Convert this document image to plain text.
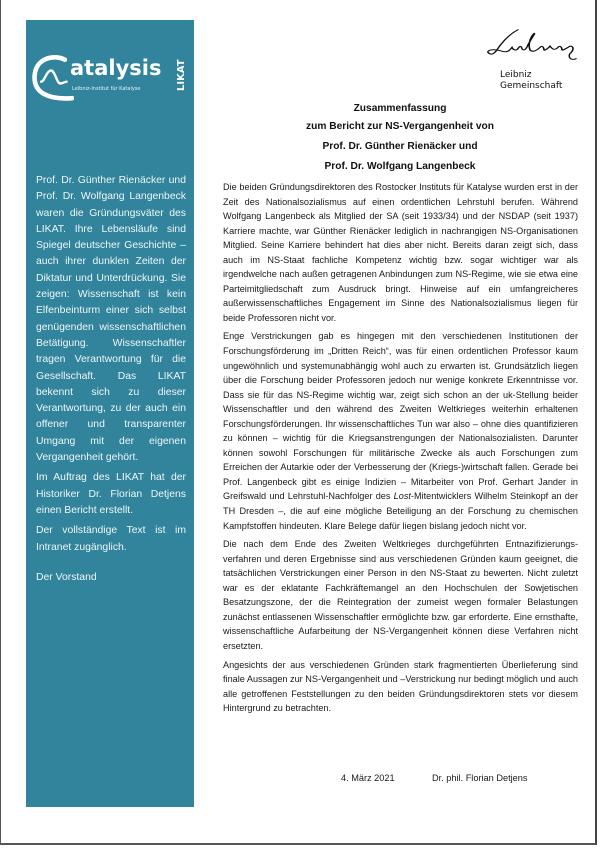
atalysis
Leibniz-Institut für Katalyse	LIKAT

Prof. Dr. Günther Rienäcker und Prof. Dr. Wolfgang Langenbeck waren die Gründungsväter des LIKAT. Ihre Lebensläufe sind Spiegel deutscher Geschichte – auch ihrer dunklen Zeiten der Diktatur und Unterdrückung. Sie zeigen: Wissenschaft ist kein Elfenbeinturm einer sich selbst genügenden wissenschaftlichen Betätigung. Wissenschaftler tragen Verantwortung für die Gesellschaft. Das LIKAT bekennt sich zu dieser Verantwortung, zu der auch ein offener und transparenter Umgang mit der eigenen Vergangenheit gehört.

Im Auftrag des LIKAT hat der Historiker Dr. Florian Detjens einen Bericht erstellt.

Der vollständige Text ist im Intranet zugänglich.

Der Vorstand

Leibniz
Gemeinschaft
Zusammenfassung
zum Bericht zur NS-Vergangenheit von
Prof. Dr. Günther Rienäcker und
Prof. Dr. Wolfgang Langenbeck

Die beiden Gründungsdirektoren des Rostocker Instituts für Katalyse wurden erst in der Zeit des Nationalsozialismus auf einen ordentlichen Lehrstuhl berufen. Während Wolfgang Langenbeck als Mitglied der SA (seit 1933/34) und der NSDAP (seit 1937) Karriere machte, war Günther Rienäcker lediglich in nachrangigen NS-Organisationen Mitglied. Seine Karriere behindert hat dies aber nicht. Bereits daran zeigt sich, dass auch im NS-Staat fachliche Kompetenz wichtig bzw. sogar wichtiger war als irgendwelche nach außen getragenen Anbindungen zum NS-Regime, wie sie etwa eine Parteimitgliedschaft zum Ausdruck bringt. Hinweise auf ein umfangreicheres außerwissenschaftliches Engagement im Sinne des Nationalsozialismus liegen für beide Professoren nicht vor.

Enge Verstrickungen gab es hingegen mit den verschiedenen Institutionen der Forschungsförderung im „Dritten Reich“, was für einen ordentlichen Professor kaum ungewöhnlich und systemunabhängig wohl auch zu erwarten ist. Grundsätzlich liegen über die Forschung beider Professoren jedoch nur wenige konkrete Erkenntnisse vor. Dass sie für das NS-Regime wichtig war, zeigt sich schon an der uk-Stellung beider Wissenschaftler und den während des Zweiten Weltkrieges weiterhin erhaltenen Forschungsförderungen. Ihr wissenschaftliches Tun war also – ohne dies quantifizieren zu können – wichtig für die Kriegsanstrengungen der Nationalsozialisten. Darunter können sowohl Forschungen für militärische Zwecke als auch Forschungen zum Erreichen der Autarkie oder der Verbesserung der (Kriegs-)wirtschaft fallen. Gerade bei Prof. Langenbeck gibt es einige Indizien – Mitarbeiter von Prof. Gerhart Jander in Greifswald und Lehrstuhl-Nachfolger des Lost-Mitentwicklers Wilhelm Steinkopf an der TH Dresden –, die auf eine mögliche Beteiligung an der Forschung zu chemischen Kampfstoffen hindeuten. Klare Belege dafür liegen bislang jedoch nicht vor.

Die nach dem Ende des Zweiten Weltkrieges durchgeführten Entnazifizierungsverfahren und deren Ergebnisse sind aus verschiedenen Gründen kaum geeignet, die tatsächlichen Verstrickungen einer Person in den NS-Staat zu bewerten. Nicht zuletzt war es der eklatante Fachkräftemangel an den Hochschulen der Sowjetischen Besatzungszone, der die Reintegration der zumeist wegen formaler Belastungen zunächst entlassenen Wissenschaftler ermöglichte bzw. gar erforderte. Eine ernsthafte, wissenschaftliche Aufarbeitung der NS-Vergangenheit können diese Verfahren nicht ersetzten.

Angesichts der aus verschiedenen Gründen stark fragmentierten Überlieferung sind finale Aussagen zur NS-Vergangenheit und –Verstrickung nur bedingt möglich und auch alle getroffenen Feststellungen zu den beiden Gründungsdirektoren stets vor diesem Hintergrund zu betrachten.

4. März 2021	Dr. phil. Florian Detjens
